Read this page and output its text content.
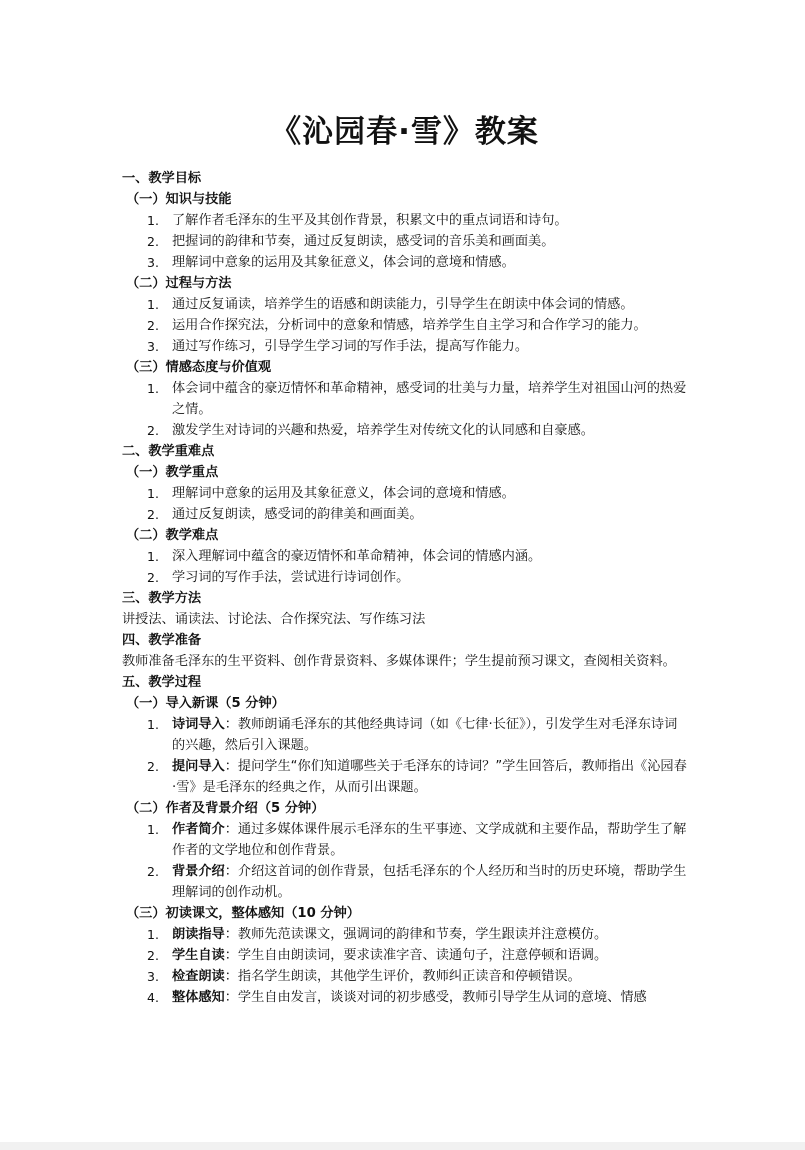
《沁园春·雪》教案
一、教学目标
（一）知识与技能
1. 了解作者毛泽东的生平及其创作背景，积累文中的重点词语和诗句。
2. 把握词的韵律和节奏，通过反复朗读，感受词的音乐美和画面美。
3. 理解词中意象的运用及其象征意义，体会词的意境和情感。
（二）过程与方法
1. 通过反复诵读，培养学生的语感和朗读能力，引导学生在朗读中体会词的情感。
2. 运用合作探究法，分析词中的意象和情感，培养学生自主学习和合作学习的能力。
3. 通过写作练习，引导学生学习词的写作手法，提高写作能力。
（三）情感态度与价值观
1. 体会词中蕴含的豪迈情怀和革命精神，感受词的壮美与力量，培养学生对祖国山河的热爱之情。
2. 激发学生对诗词的兴趣和热爱，培养学生对传统文化的认同感和自豪感。
二、教学重难点
（一）教学重点
1. 理解词中意象的运用及其象征意义，体会词的意境和情感。
2. 通过反复朗读，感受词的韵律美和画面美。
（二）教学难点
1. 深入理解词中蕴含的豪迈情怀和革命精神，体会词的情感内涵。
2. 学习词的写作手法，尝试进行诗词创作。
三、教学方法
讲授法、诵读法、讨论法、合作探究法、写作练习法
四、教学准备
教师准备毛泽东的生平资料、创作背景资料、多媒体课件；学生提前预习课文，查阅相关资料。
五、教学过程
（一）导入新课（5 分钟）
1. 诗词导入：教师朗诵毛泽东的其他经典诗词（如《七律·长征》），引发学生对毛泽东诗词的兴趣，然后引入课题。
2. 提问导入：提问学生“你们知道哪些关于毛泽东的诗词？”学生回答后，教师指出《沁园春·雪》是毛泽东的经典之作，从而引出课题。
（二）作者及背景介绍（5 分钟）
1. 作者简介：通过多媒体课件展示毛泽东的生平事迹、文学成就和主要作品，帮助学生了解作者的文学地位和创作背景。
2. 背景介绍：介绍这首词的创作背景，包括毛泽东的个人经历和当时的历史环境，帮助学生理解词的创作动机。
（三）初读课文，整体感知（10 分钟）
1. 朗读指导：教师先范读课文，强调词的韵律和节奏，学生跟读并注意模仿。
2. 学生自读：学生自由朗读词，要求读准字音、读通句子，注意停顿和语调。
3. 检查朗读：指名学生朗读，其他学生评价，教师纠正读音和停顿错误。
4. 整体感知：学生自由发言，谈谈对词的初步感受，教师引导学生从词的意境、情感
